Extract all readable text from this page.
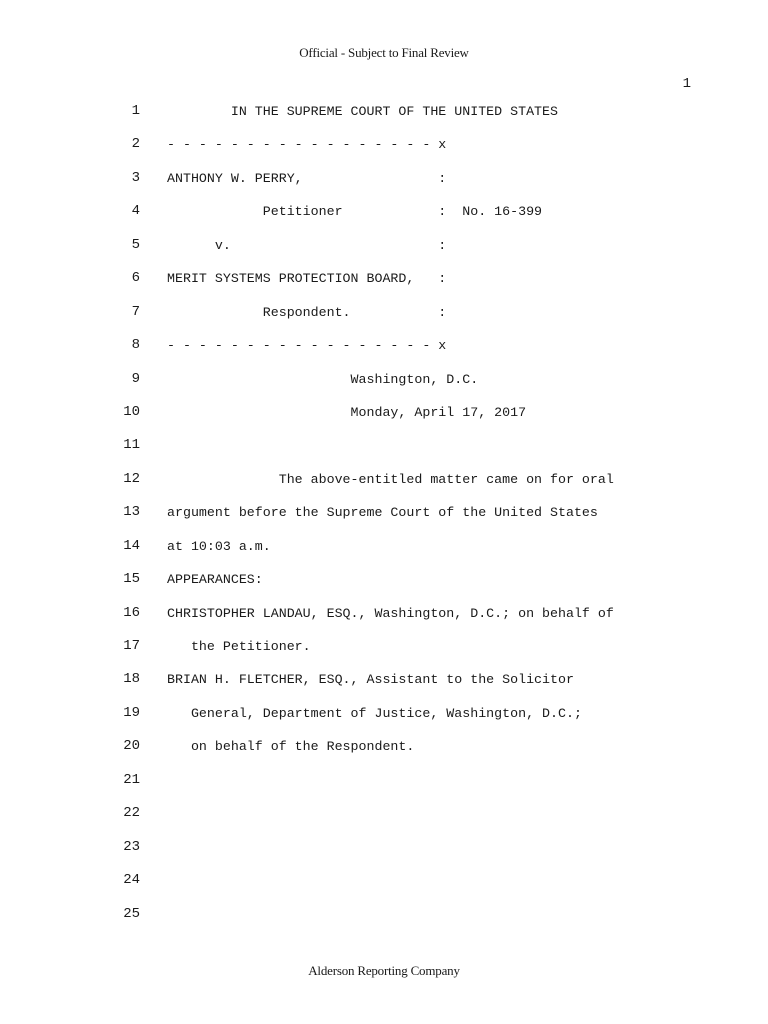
Official - Subject to Final Review
1
1 IN THE SUPREME COURT OF THE UNITED STATES
2 - - - - - - - - - - - - - - - - - x
3 ANTHONY W. PERRY,                 :
4 Petitioner            :  No. 16-399
5 v.                          :
6 MERIT SYSTEMS PROTECTION BOARD,   :
7 Respondent.           :
8 - - - - - - - - - - - - - - - - - x
9 Washington, D.C.
10 Monday, April 17, 2017
11
12 The above-entitled matter came on for oral
13 argument before the Supreme Court of the United States
14 at 10:03 a.m.
15 APPEARANCES:
16 CHRISTOPHER LANDAU, ESQ., Washington, D.C.; on behalf of
17 the Petitioner.
18 BRIAN H. FLETCHER, ESQ., Assistant to the Solicitor
19 General, Department of Justice, Washington, D.C.;
20 on behalf of the Respondent.
21
22
23
24
25
Alderson Reporting Company
